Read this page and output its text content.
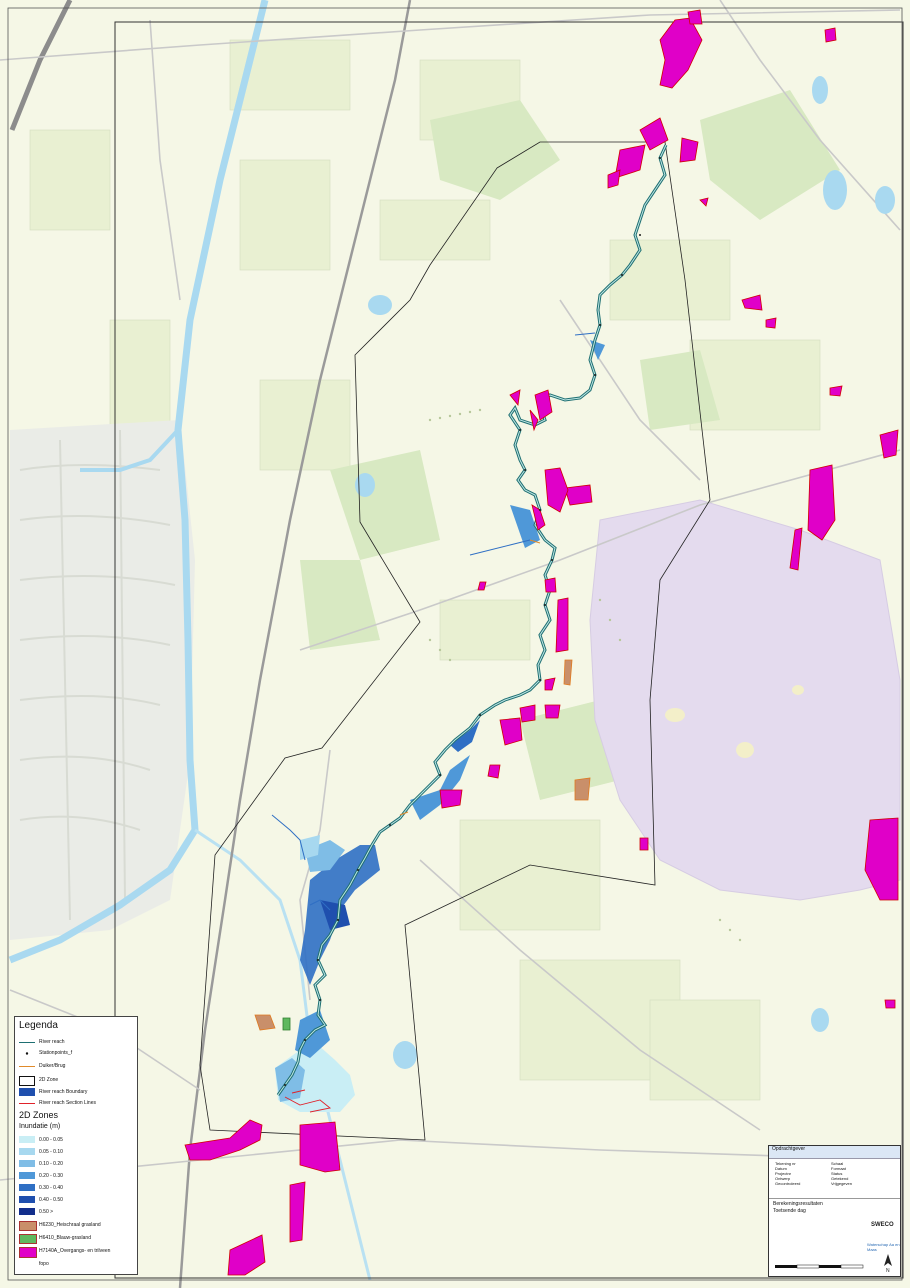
Legenda
River reach
Stationpoints_f
Duiker/Brug
2D Zone
River reach Boundary
River reach Section Lines
2D Zones
Inundatie (m)
0.00 - 0.05
0.05 - 0.10
0.10 - 0.20
0.20 - 0.30
0.30 - 0.40
0.40 - 0.50
0.50 >
H6230_Heischraal grasland
H6410_Blauw-grasland
H7140A_Overgangs- en trilveen
fopo
Opdrachtgever
Tekening nr	Schaal
Datum	Formaat
Projectnr	Status
Ontwerp	Getekend
Gecontroleerd	Vrijgegeven
Berekeningsresultaten
Toetsende dag
SWECO
Waterschap Aa en Maas
N
